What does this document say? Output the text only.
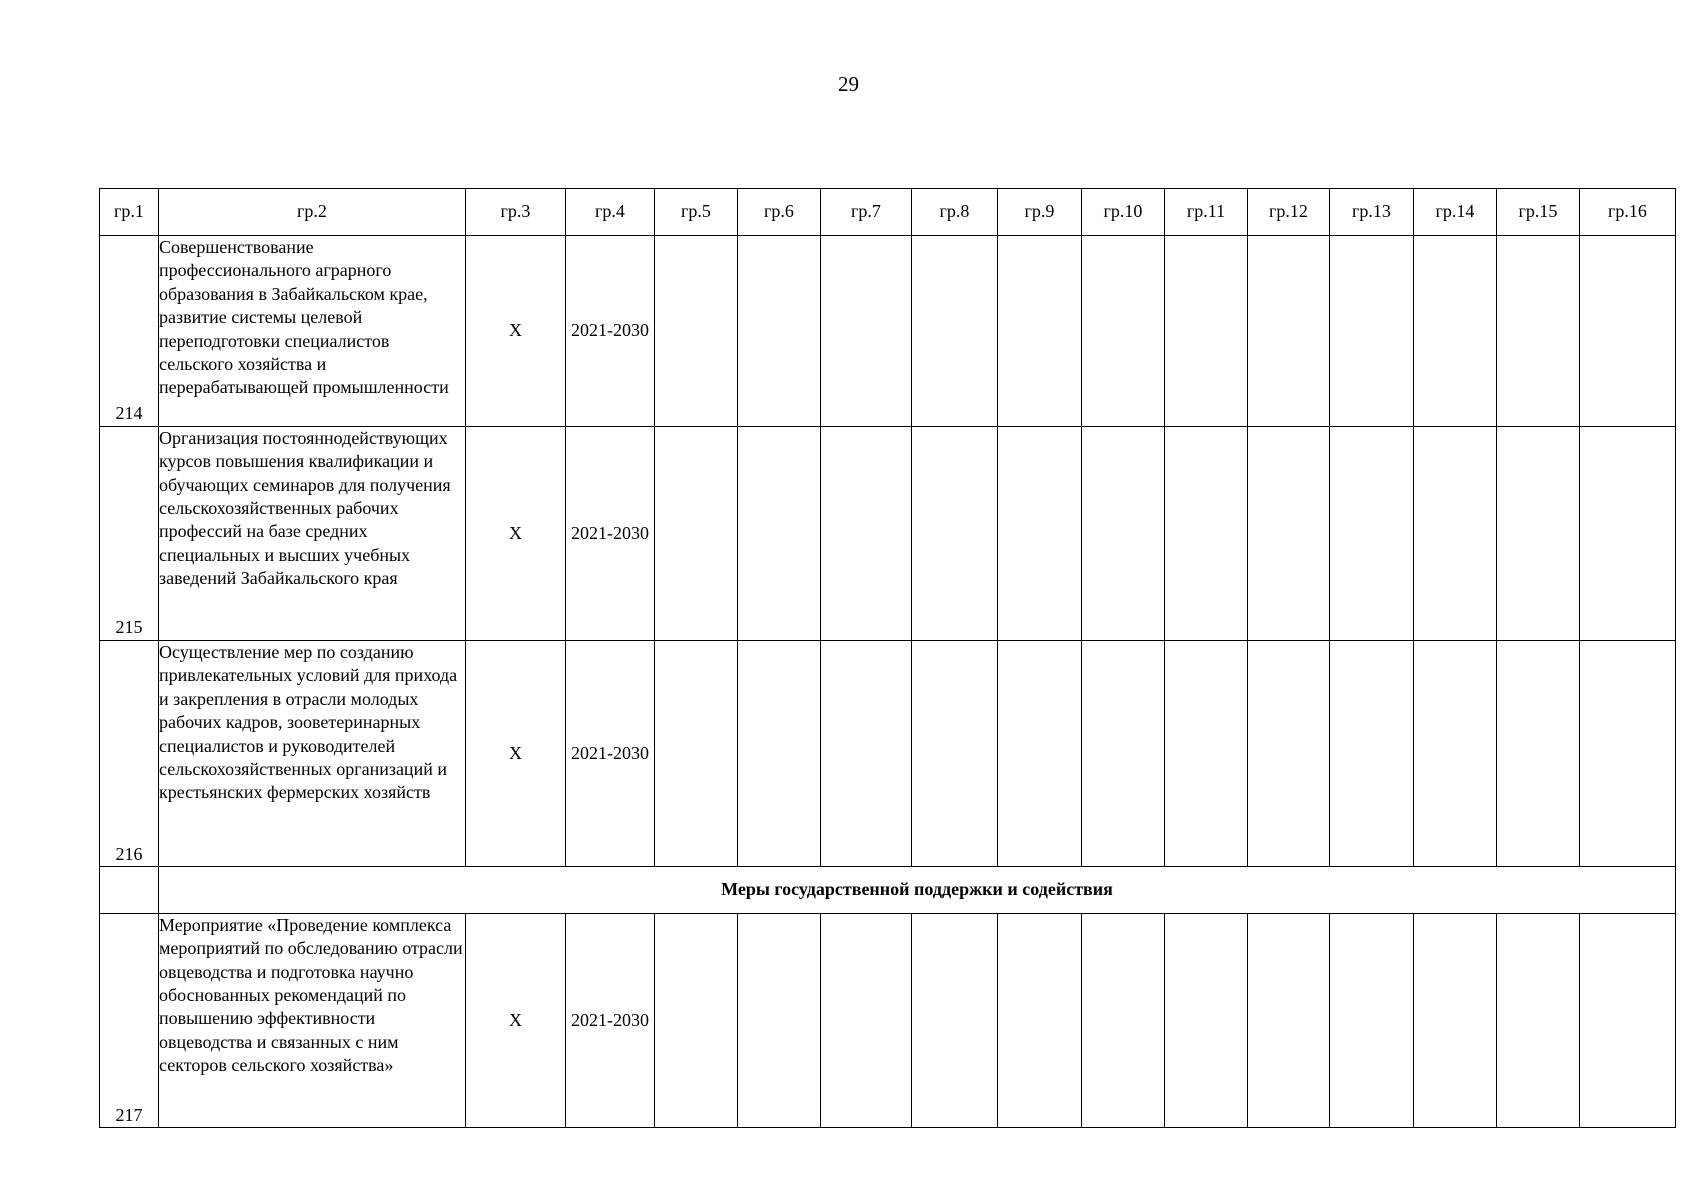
29
гр.1	гр.2	гр.3	гр.4	гр.5	гр.6	гр.7	гр.8	гр.9	гр.10	гр.11	гр.12	гр.13	гр.14	гр.15	гр.16
214	Совершенствование профессионального аграрного образования в Забайкальском крае, развитие системы целевой переподготовки специалистов сельского хозяйства и перерабатывающей промышленности	X	2021-2030												
215	Организация постояннодействующих курсов повышения квалификации и обучающих семинаров для получения сельскохозяйственных рабочих профессий на базе средних специальных и высших учебных заведений Забайкальского края	X	2021-2030												
216	Осуществление мер по созданию привлекательных условий для прихода и закрепления в отрасли молодых рабочих кадров, зооветеринарных специалистов и руководителей сельскохозяйственных организаций и крестьянских фермерских хозяйств	X	2021-2030												
	Меры государственной поддержки и содействия														
217	Мероприятие «Проведение комплекса мероприятий по обследованию отрасли овцеводства и подготовка научно обоснованных рекомендаций по повышению эффективности овцеводства и связанных с ним секторов сельского хозяйства»	X	2021-2030												
